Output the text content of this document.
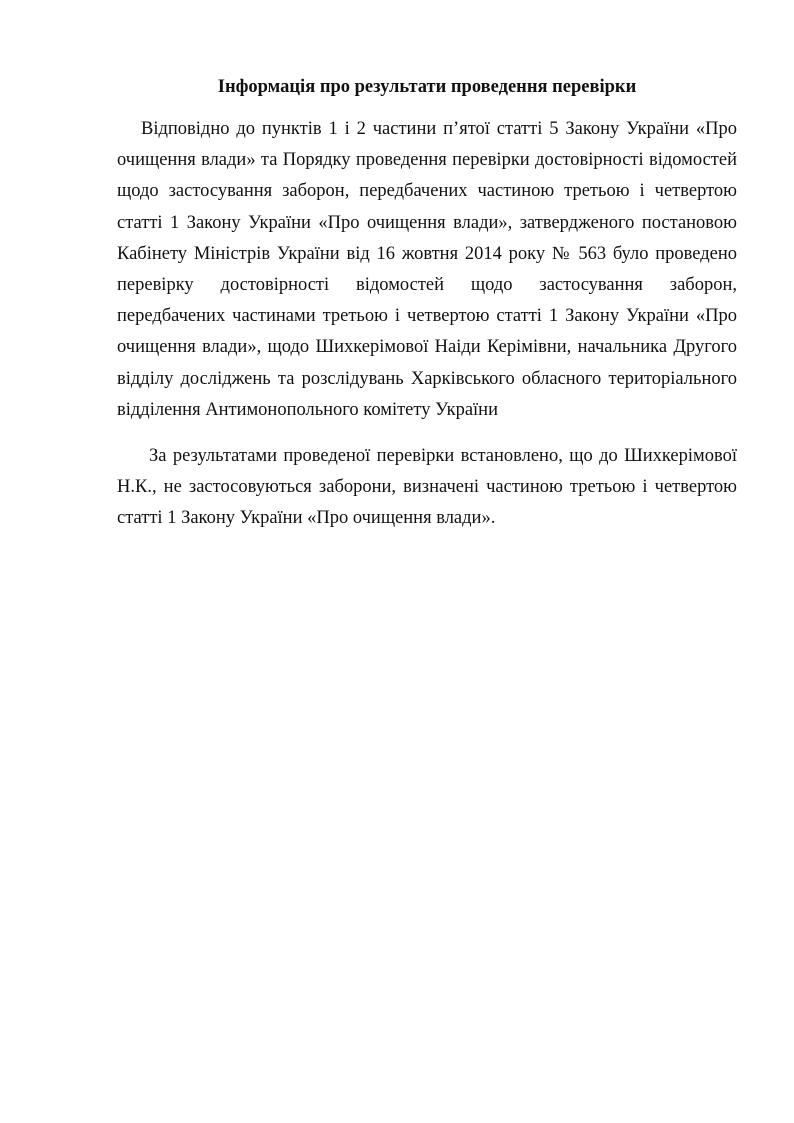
Інформація про результати проведення перевірки

Відповідно до пунктів 1 і 2 частини п’ятої статті 5 Закону України «Про очищення влади» та Порядку проведення перевірки достовірності відомостей щодо застосування заборон, передбачених частиною третьою і четвертою статті 1 Закону України «Про очищення влади», затвердженого постановою Кабінету Міністрів України від 16 жовтня 2014 року № 563 було проведено перевірку достовірності відомостей щодо застосування заборон, передбачених частинами третьою і четвертою статті 1 Закону України «Про очищення влади», щодо Шихкерімової Наіди Керімівни, начальника Другого відділу досліджень та розслідувань Харківського обласного територіального відділення Антимонопольного комітету України

За результатами проведеної перевірки встановлено, що до Шихкерімової Н.К., не застосовуються заборони, визначені частиною третьою і четвертою статті 1 Закону України «Про очищення влади».
